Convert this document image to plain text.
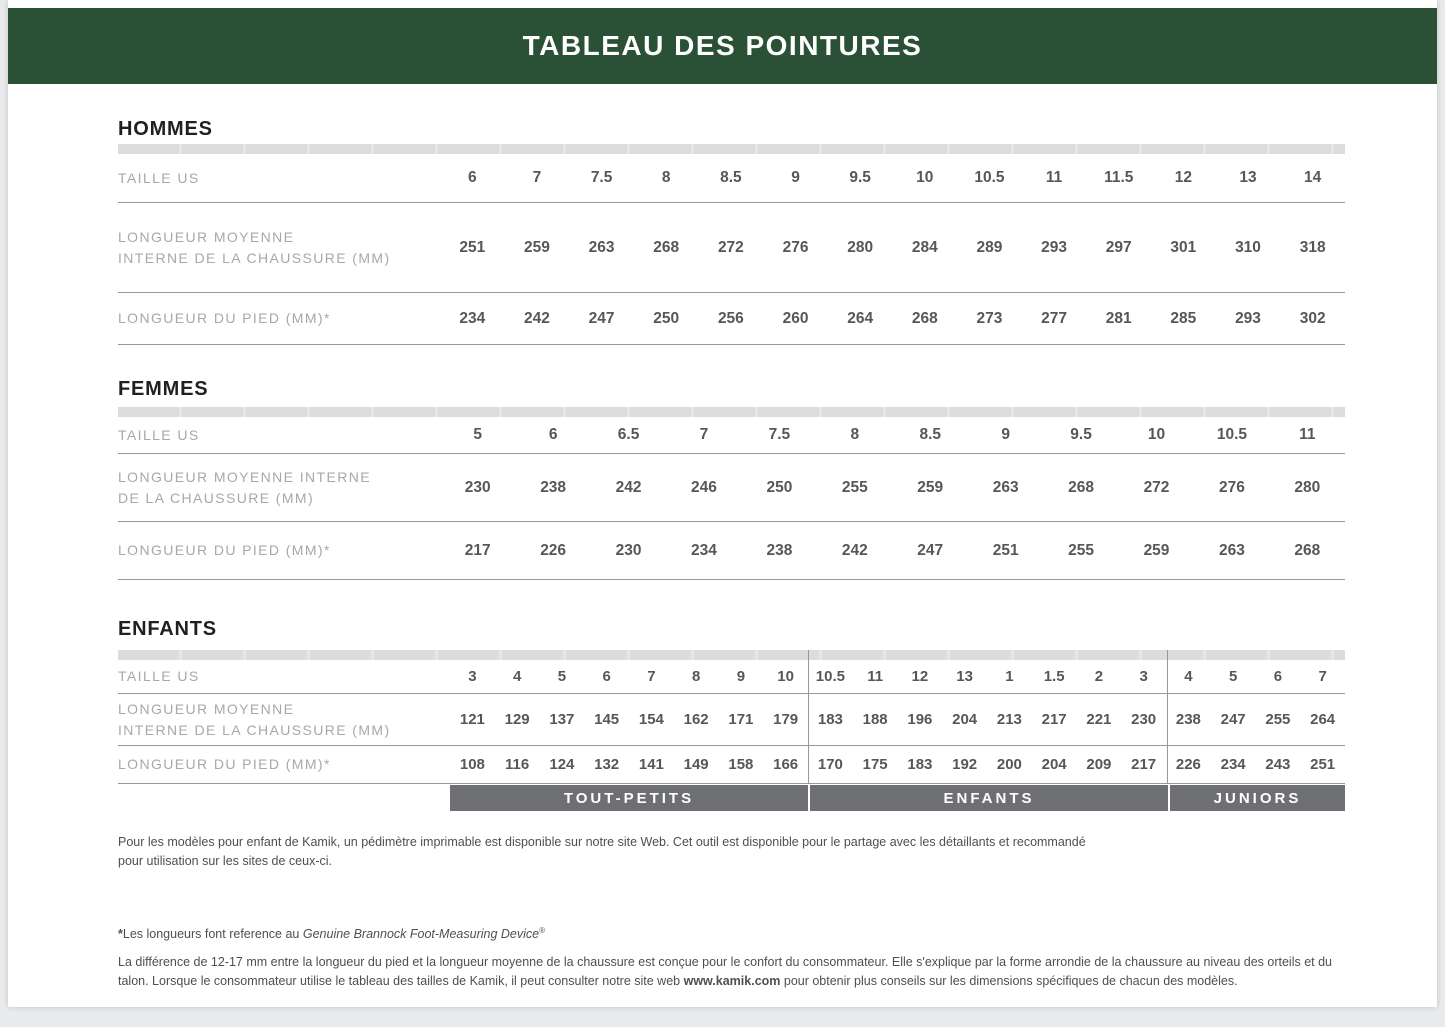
TABLEAU DES POINTURES
HOMMES
TAILLE US	6	7	7.5	8	8.5	9	9.5	10	10.5	11	11.5	12	13	14
LONGUEUR MOYENNE
INTERNE DE LA CHAUSSURE (MM)
251	259	263	268	272	276	280	284	289	293	297	301	310	318
LONGUEUR DU PIED (MM)*	234	242	247	250	256	260	264	268	273	277	281	285	293	302
FEMMES
TAILLE US	5	6	6.5	7	7.5	8	8.5	9	9.5	10	10.5	11
LONGUEUR MOYENNE INTERNE
DE LA CHAUSSURE (MM)
230	238	242	246	250	255	259	263	268	272	276	280
LONGUEUR DU PIED (MM)*	217	226	230	234	238	242	247	251	255	259	263	268
ENFANTS
TAILLE US	3	4	5	6	7	8	9	10	10.5	11	12	13	1	1.5	2	3	4	5	6	7
LONGUEUR MOYENNE
INTERNE DE LA CHAUSSURE (MM)
121	129	137	145	154	162	171	179	183	188	196	204	213	217	221	230	238	247	255	264
LONGUEUR DU PIED (MM)*	108	116	124	132	141	149	158	166	170	175	183	192	200	204	209	217	226	234	243	251
TOUT-PETITS	ENFANTS	JUNIORS

Pour les modèles pour enfant de Kamik, un pédimètre imprimable est disponible sur notre site Web. Cet outil est disponible pour le partage avec les détaillants et recommandé pour utilisation sur les sites de ceux-ci.

*Les longueurs font reference au Genuine Brannock Foot-Measuring Device®

La différence de 12-17 mm entre la longueur du pied et la longueur moyenne de la chaussure est conçue pour le confort du consommateur. Elle s'explique par la forme arrondie de la chaussure au niveau des orteils et du talon. Lorsque le consommateur utilise le tableau des tailles de Kamik, il peut consulter notre site web www.kamik.com pour obtenir plus conseils sur les dimensions spécifiques de chacun des modèles.
